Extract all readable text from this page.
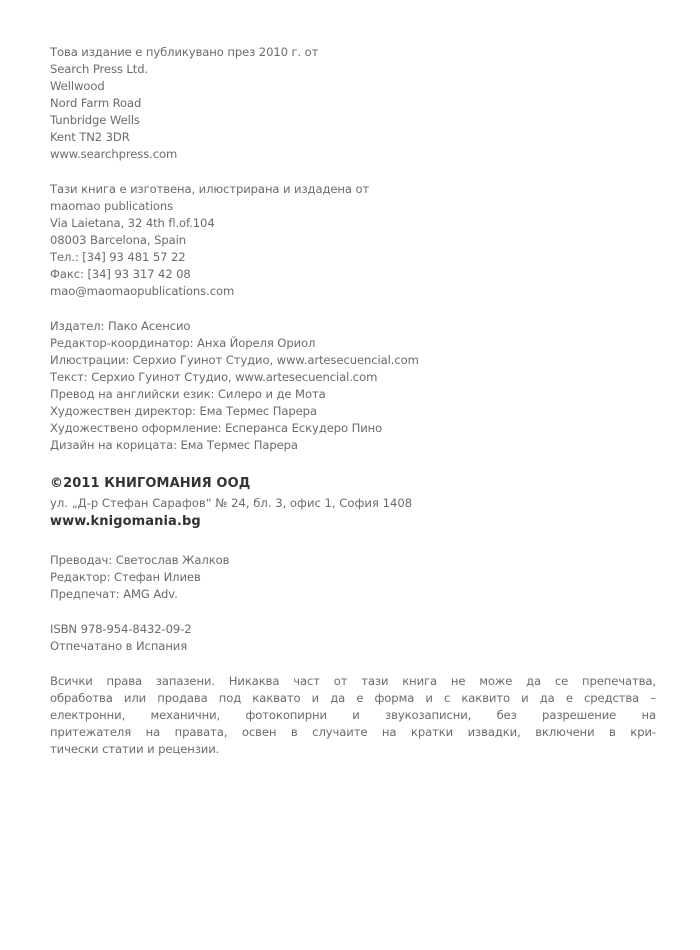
Това издание е публикувано през 2010 г. от
Search Press Ltd.
Wellwood
Nord Farm Road
Tunbridge Wells
Kent TN2 3DR
www.searchpress.com
Тази книга е изготвена, илюстрирана и издадена от
maomao publications
Via Laietana, 32 4th fl.of.104
08003 Barcelona, Spain
Тел.: [34] 93 481 57 22
Факс: [34] 93 317 42 08
mao@maomaopublications.com
Издател: Пако Асенсио
Редактор-координатор: Анха Йореля Ориол
Илюстрации: Серхио Гуинот Студио, www.artesecuencial.com
Текст: Серхио Гуинот Студио, www.artesecuencial.com
Превод на английски език: Силеро и де Мота
Художествен директор: Ема Термес Парера
Художествено оформление: Есперанса Ескудеро Пино
Дизайн на корицата: Ема Термес Парера
©2011 КНИГОМАНИЯ ООД
ул. „Д-р Стефан Сарафов“ № 24, бл. 3, офис 1, София 1408
www.knigomania.bg
Преводач: Светослав Жалков
Редактор: Стефан Илиев
Предпечат: AMG Adv.
ISBN 978-954-8432-09-2
Отпечатано в Испания
Всички права запазени. Никаква част от тази книга не може да се препечатва,
обработва или продава под каквато и да е форма и с каквито и да е средства –
електронни, механични, фотокопирни и звукозаписни, без разрешение на
притежателя на правата, освен в случаите на кратки извадки, включени в кри-
тически статии и рецензии.
